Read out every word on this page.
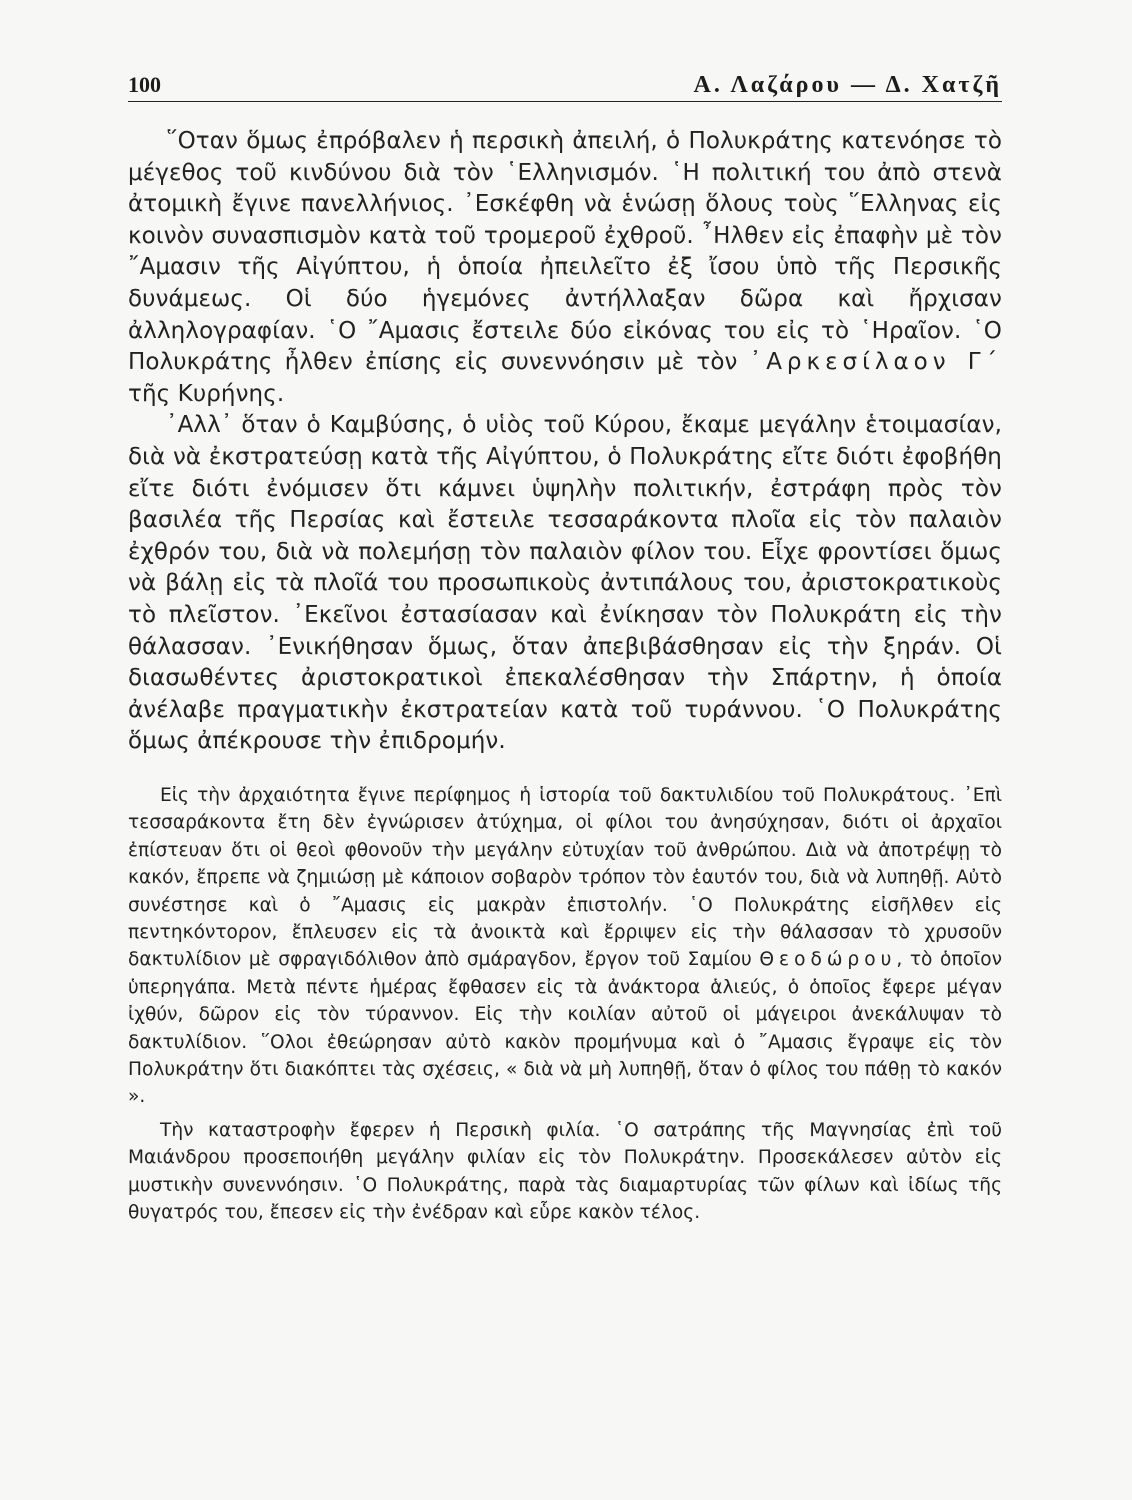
100	Α. Λαζάρου — Δ. Χατζῆ

῞Οταν ὅμως ἐπρόβαλεν ἡ περσικὴ ἀπειλή, ὁ Πολυκράτης κατενόησε τὸ μέγεθος τοῦ κινδύνου διὰ τὸν ῾Ελληνισμόν. ῾Η πολιτική του ἀπὸ στενὰ ἀτομικὴ ἔγινε πανελλήνιος. ᾿Εσκέφθη νὰ ἑνώσῃ ὅλους τοὺς ῞Ελληνας εἰς κοινὸν συνασπισμὸν κατὰ τοῦ τρομεροῦ ἐχθροῦ. ῏Ηλθεν εἰς ἐπαφὴν μὲ τὸν ῎Αμασιν τῆς Αἰγύπτου, ἡ ὁποία ἠπειλεῖτο ἐξ ἴσου ὑπὸ τῆς Περσικῆς δυνάμεως. Οἱ δύο ἡγεμόνες ἀντήλλαξαν δῶρα καὶ ἤρχισαν ἀλληλογραφίαν. ῾Ο ῎Αμασις ἔστειλε δύο εἰκόνας του εἰς τὸ ῾Ηραῖον. ῾Ο Πολυκράτης ἦλθεν ἐπίσης εἰς συνεννόησιν μὲ τὸν ᾿Αρκεσίλαον Γ΄ τῆς Κυρήνης.

᾿Αλλ᾿ ὅταν ὁ Καμβύσης, ὁ υἱὸς τοῦ Κύρου, ἔκαμε μεγάλην ἑτοιμασίαν, διὰ νὰ ἐκστρατεύσῃ κατὰ τῆς Αἰγύπτου, ὁ Πολυκράτης εἴτε διότι ἐφοβήθη εἴτε διότι ἐνόμισεν ὅτι κάμνει ὑψηλὴν πολιτικήν, ἐστράφη πρὸς τὸν βασιλέα τῆς Περσίας καὶ ἔστειλε τεσσαράκοντα πλοῖα εἰς τὸν παλαιὸν ἐχθρόν του, διὰ νὰ πολεμήσῃ τὸν παλαιὸν φίλον του. Εἶχε φροντίσει ὅμως νὰ βάλῃ εἰς τὰ πλοῖά του προσωπικοὺς ἀντιπάλους του, ἀριστοκρατικοὺς τὸ πλεῖστον. ᾿Εκεῖνοι ἐστασίασαν καὶ ἐνίκησαν τὸν Πολυκράτη εἰς τὴν θάλασσαν. ᾿Ενικήθησαν ὅμως, ὅταν ἀπεβιβάσθησαν εἰς τὴν ξηράν. Οἱ διασωθέντες ἀριστοκρατικοὶ ἐπεκαλέσθησαν τὴν Σπάρτην, ἡ ὁποία ἀνέλαβε πραγματικὴν ἐκστρατείαν κατὰ τοῦ τυράννου. ῾Ο Πολυκράτης ὅμως ἀπέκρουσε τὴν ἐπιδρομήν.

Εἰς τὴν ἀρχαιότητα ἔγινε περίφημος ἡ ἱστορία τοῦ δακτυλιδίου τοῦ Πολυκράτους. ᾿Επὶ τεσσαράκοντα ἔτη δὲν ἐγνώρισεν ἀτύχημα, οἱ φίλοι του ἀνησύχησαν, διότι οἱ ἀρχαῖοι ἐπίστευαν ὅτι οἱ θεοὶ φθονοῦν τὴν μεγάλην εὐτυχίαν τοῦ ἀνθρώπου. Διὰ νὰ ἀποτρέψῃ τὸ κακόν, ἔπρεπε νὰ ζημιώσῃ μὲ κάποιον σοβαρὸν τρόπον τὸν ἑαυτόν του, διὰ νὰ λυπηθῇ. Αὐτὸ συνέστησε καὶ ὁ ῎Αμασις εἰς μακρὰν ἐπιστολήν. ῾Ο Πολυκράτης εἰσῆλθεν εἰς πεντηκόντορον, ἔπλευσεν εἰς τὰ ἀνοικτὰ καὶ ἔρριψεν εἰς τὴν θάλασσαν τὸ χρυσοῦν δακτυλίδιον μὲ σφραγιδόλιθον ἀπὸ σμάραγδον, ἔργον τοῦ Σαμίου Θεοδώρου, τὸ ὁποῖον ὑπερηγάπα. Μετὰ πέντε ἡμέρας ἔφθασεν εἰς τὰ ἀνάκτορα ἁλιεύς, ὁ ὁποῖος ἔφερε μέγαν ἰχθύν, δῶρον εἰς τὸν τύραννον. Εἰς τὴν κοιλίαν αὐτοῦ οἱ μάγειροι ἀνεκάλυψαν τὸ δακτυλίδιον. ῞Ολοι ἐθεώρησαν αὐτὸ κακὸν προμήνυμα καὶ ὁ ῎Αμασις ἔγραψε εἰς τὸν Πολυκράτην ὅτι διακόπτει τὰς σχέσεις, « διὰ νὰ μὴ λυπηθῇ, ὅταν ὁ φίλος του πάθῃ τὸ κακόν ».

Τὴν καταστροφὴν ἔφερεν ἡ Περσικὴ φιλία. ῾Ο σατράπης τῆς Μαγνησίας ἐπὶ τοῦ Μαιάνδρου προσεποιήθη μεγάλην φιλίαν εἰς τὸν Πολυκράτην. Προσεκάλεσεν αὐτὸν εἰς μυστικὴν συνεννόησιν. ῾Ο Πολυκράτης, παρὰ τὰς διαμαρτυρίας τῶν φίλων καὶ ἰδίως τῆς θυγατρός του, ἔπεσεν εἰς τὴν ἐνέδραν καὶ εὗρε κακὸν τέλος.
